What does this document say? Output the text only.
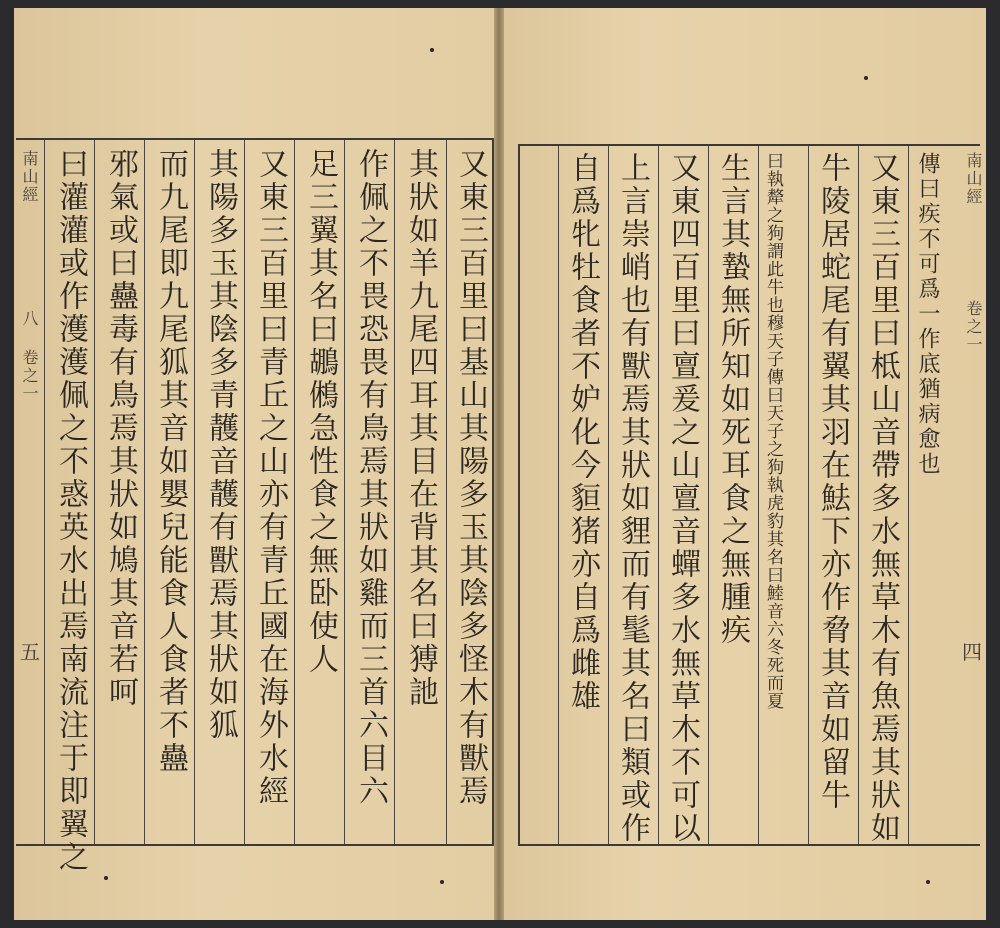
南山經
八 卷之一
五	又東三百里曰基山其陽多玉其陰多怪木有獸焉
其狀如羊九尾四耳其目在背其名曰猼訑
作佩之不畏恐畏有鳥焉其狀如雞而三首六目六
足三翼其名曰鶘鵂急性食之無卧使人
又東三百里曰青丘之山亦有青丘國在海外水經
其陽多玉其陰多青䨼音䨼有獸焉其狀如狐
而九尾即九尾狐其音如嬰兒能食人食者不蠱
邪氣或曰蠱毒有鳥焉其狀如鳩其音若呵
曰灌灌或作濩濩佩之不惑英水出焉南流注于即翼之	南山經
卷之一
四
傳曰疾不可爲一作底猶病愈也
又東三百里曰柢山音帶多水無草木有魚焉其狀如
牛陵居蛇尾有翼其羽在魼下亦作脅其音如留牛
曰執犛之狗謂此牛也穆天子傳曰天子之狗執虎豹其名曰鯥音六冬死而夏
生言其蟄無所知如死耳食之無腫疾
又東四百里曰亶爰之山亶音蟬多水無草木不可以
上言崇峭也有獸焉其狀如貍而有髦其名曰類或作
自爲牝牡食者不妒化今貆猪亦自爲雌雄
